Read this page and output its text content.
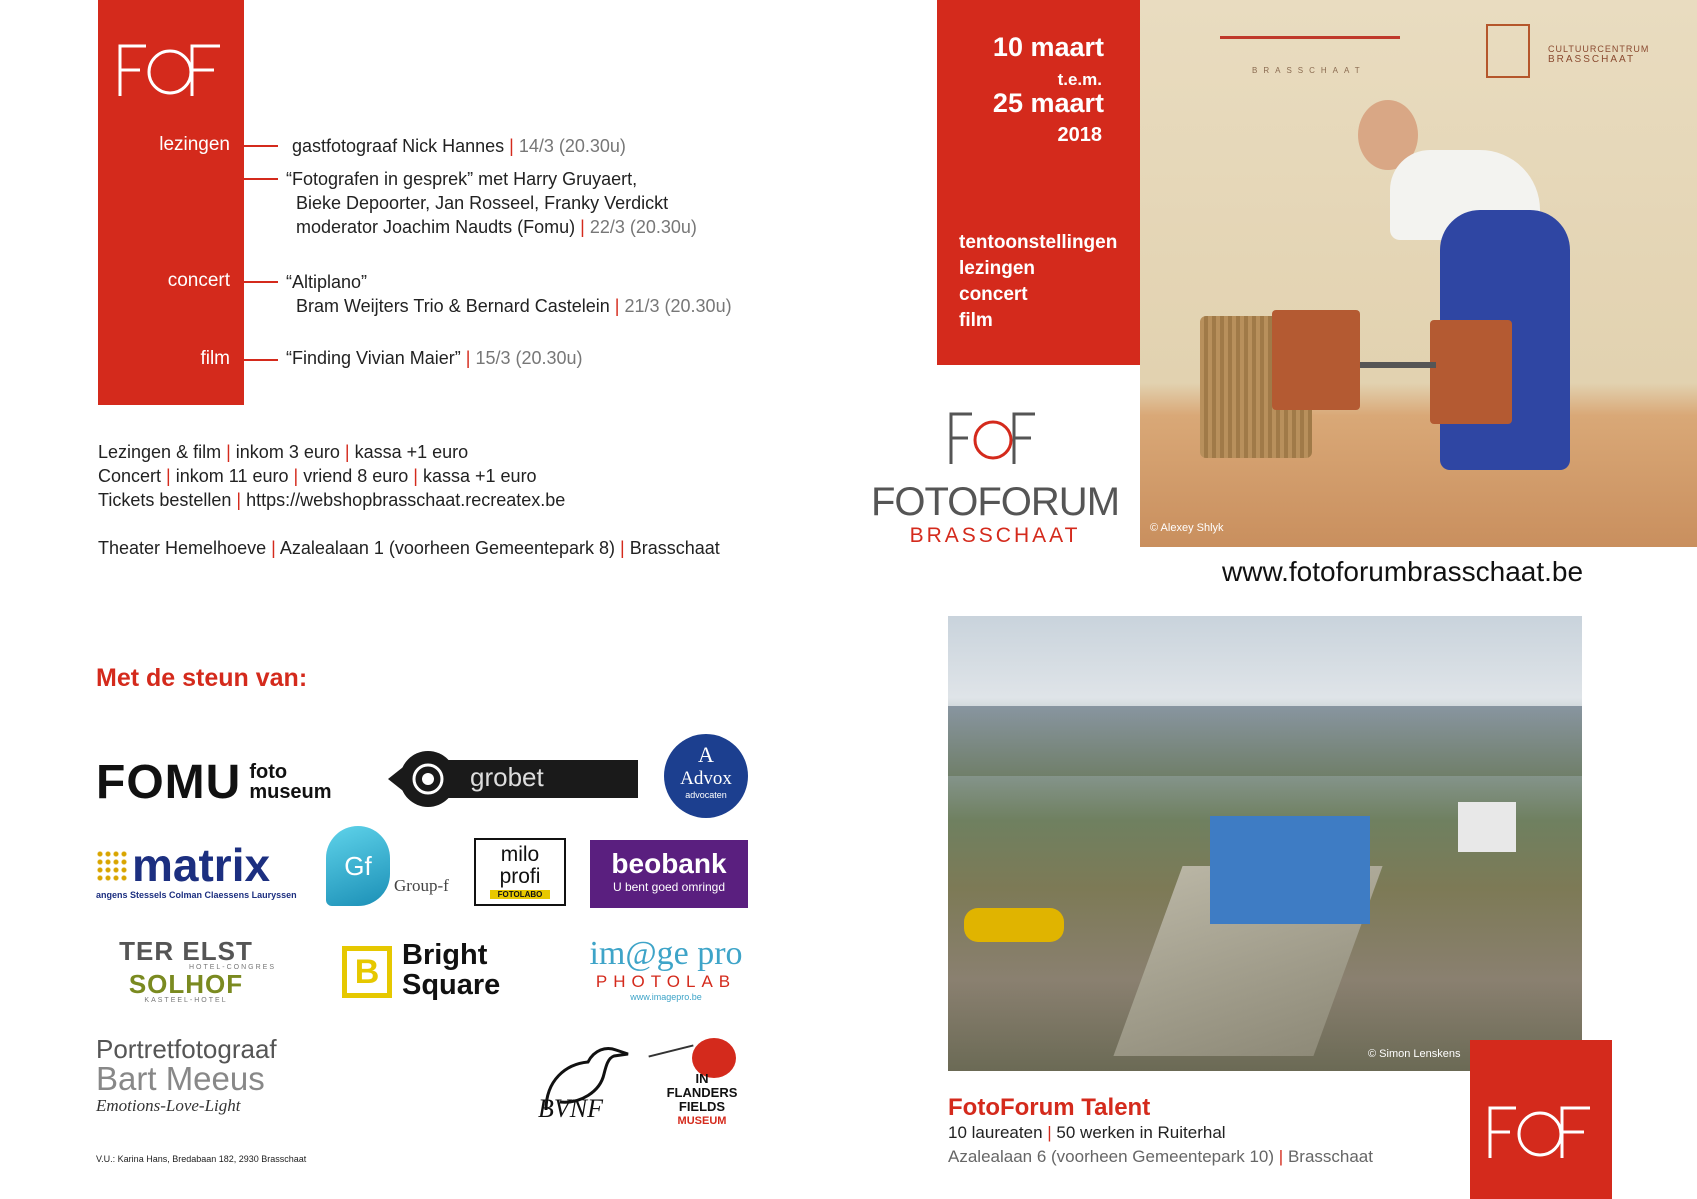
lezingen	gastfotograaf Nick Hannes | 14/3 (20.30u)
“Fotografen in gesprek” met Harry Gruyaert,
Bieke Depoorter, Jan Rosseel, Franky Verdickt
moderator Joachim Naudts (Fomu) | 22/3 (20.30u)
concert	“Altiplano”
Bram Weijters Trio & Bernard Castelein | 21/3 (20.30u)
film	“Finding Vivian Maier” | 15/3 (20.30u)
Lezingen & film | inkom 3 euro | kassa +1 euro
Concert | inkom 11 euro | vriend 8 euro | kassa +1 euro
Tickets bestellen | https://webshopbrasschaat.recreatex.be
Theater Hemelhoeve | Azalealaan 1 (voorheen Gemeentepark 8) | Brasschaat
Met de steun van:
FOMU foto
museum	grobet
A
Advox
advocaten
matrix
angens Stessels Colman Claessens Lauryssen
Gf
Group-f
milo
profi
FOTOLABO
beobank
U bent goed omringd
TER ELST
HOTEL-CONGRES
SOLHOF
KASTEEL-HOTEL
B Bright
Square
im@ge pro
PHOTOLAB
www.imagepro.be
Portretfotograaf
Bart Meeus
Emotions-Love-Light	BVNF
IN
FLANDERS
FIELDS
MUSEUM
V.U.: Karina Hans, Bredabaan 182, 2930 Brasschaat
10 maart
t.e.m.
25 maart
2018
tentoonstellingen
lezingen
concert
film
BRASSCHAAT
CULTUURCENTRUM
BRASSCHAAT
© Alexey Shlyk
FOTOFORUM
BRASSCHAAT
www.fotoforumbrasschaat.be
© Simon Lenskens
FotoForum Talent
10 laureaten | 50 werken in Ruiterhal
Azalealaan 6 (voorheen Gemeentepark 10) | Brasschaat
